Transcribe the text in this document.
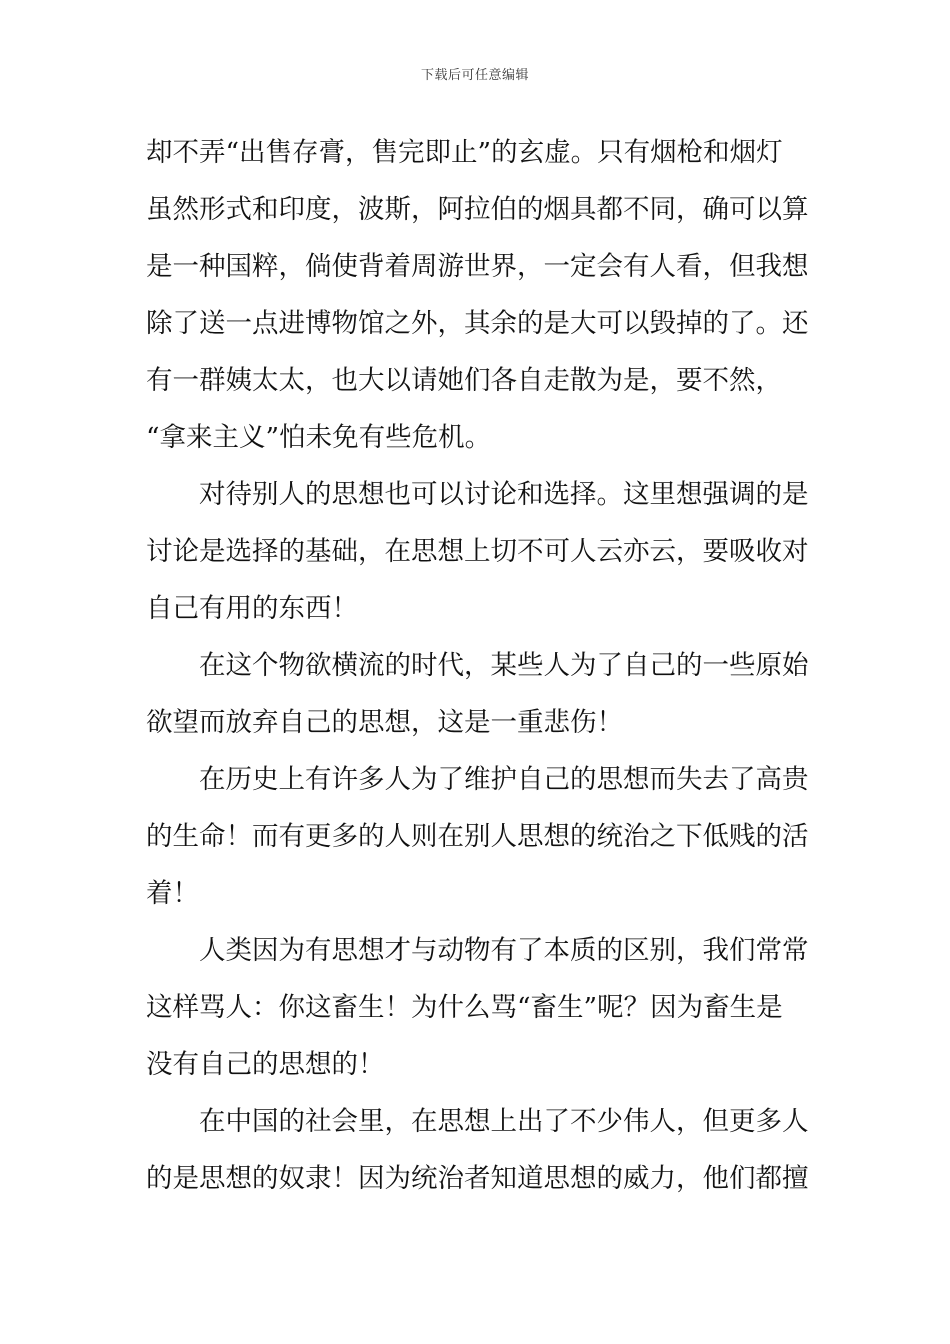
下载后可任意编辑
却不弄“出售存膏，售完即止”的玄虚。只有烟枪和烟灯
虽然形式和印度，波斯，阿拉伯的烟具都不同，确可以算
是一种国粹，倘使背着周游世界，一定会有人看，但我想
除了送一点进博物馆之外，其余的是大可以毁掉的了。还
有一群姨太太，也大以请她们各自走散为是，要不然，
“拿来主义”怕未免有些危机。
对待别人的思想也可以讨论和选择。这里想强调的是
讨论是选择的基础，在思想上切不可人云亦云，要吸收对
自己有用的东西！
在这个物欲横流的时代，某些人为了自己的一些原始
欲望而放弃自己的思想，这是一重悲伤！
在历史上有许多人为了维护自己的思想而失去了高贵
的生命！而有更多的人则在别人思想的统治之下低贱的活
着！
人类因为有思想才与动物有了本质的区别，我们常常
这样骂人：你这畜生！为什么骂“畜生”呢？因为畜生是
没有自己的思想的！
在中国的社会里，在思想上出了不少伟人，但更多人
的是思想的奴隶！因为统治者知道思想的威力，他们都擅
